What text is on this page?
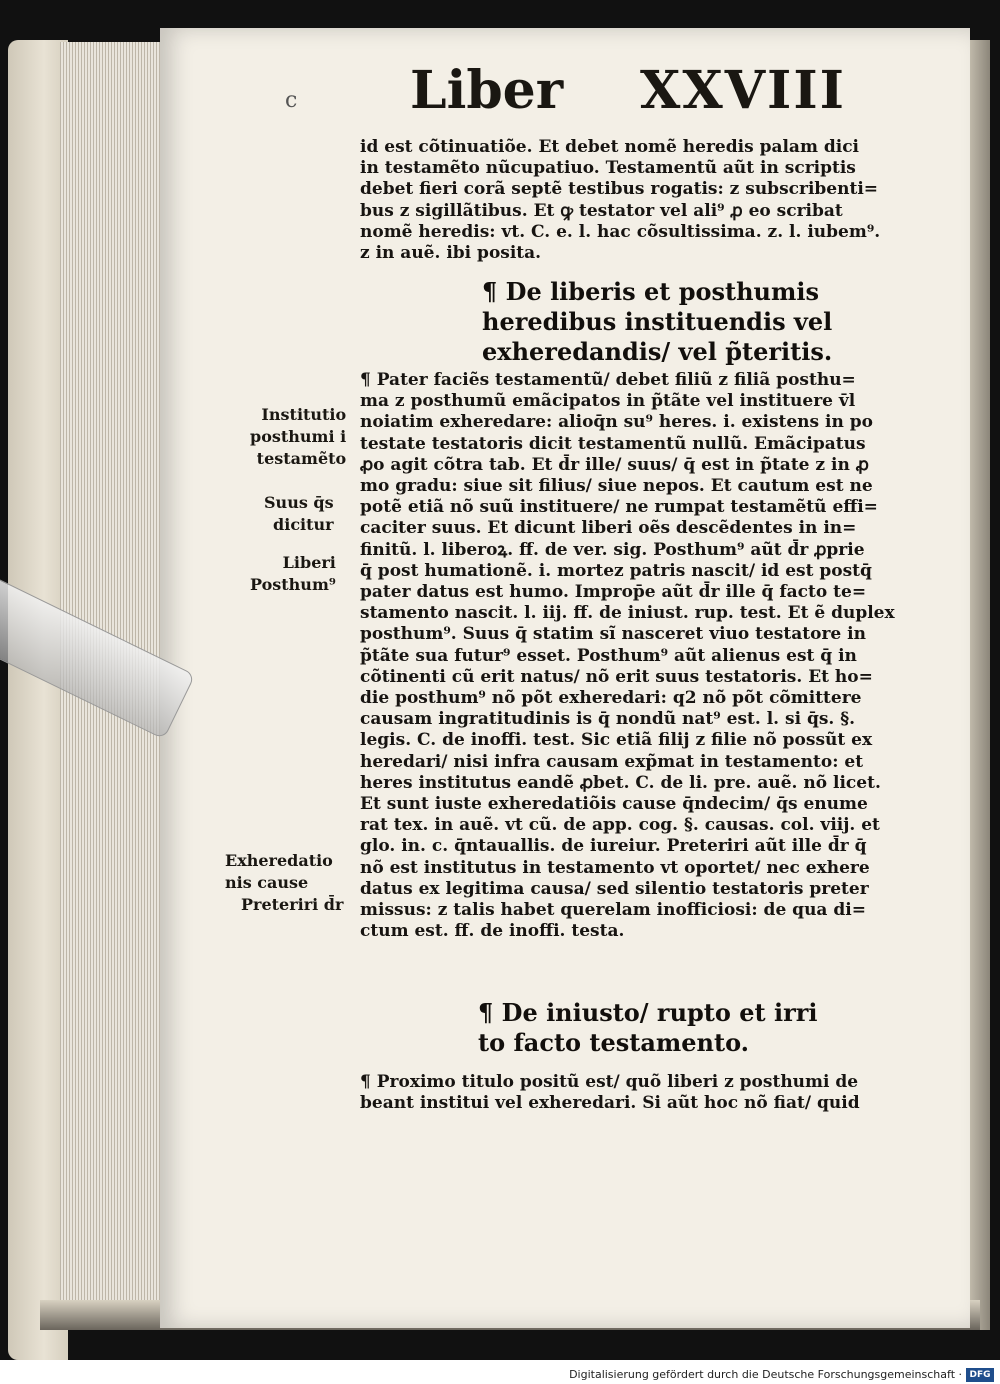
Liber XXVIII
c

id est cõtinuatiõe. Et debet nomẽ heredis palam dici

in testamẽto nũcupatiuo. Testamentũ aũt in scriptis

debet fieri corã septẽ testibus rogatis: z subscribenti=

bus z sigillãtibus. Et ꝙ testator vel ali⁹ ꝓ eo scribat

nomẽ heredis: vt. C. e. l. hac cõsultissima. z. l. iubem⁹.

z in auẽ. ibi posita.

¶ De liberis et posthumis

heredibus instituendis vel

exheredandis/ vel p̃teritis.

¶ Pater faciẽs testamentũ/ debet filiũ z filiã posthu=

ma z posthumũ emãcipatos in p̃tãte vel instituere v̄l

noiatim exheredare: alioq̄n su⁹ heres. i. existens in po

testate testatoris dicit testamentũ nullũ. Emãcipatus

ꝓo agit cõtra tab. Et d̄r ille/ suus/ q̄ est in p̃tate z in ꝓ

mo gradu: siue sit filius/ siue nepos. Et cautum est ne

potẽ etiã nõ suũ instituere/ ne rumpat testamẽtũ effi=

caciter suus. Et dicunt liberi oẽs descẽdentes in in=

finitũ. l. liberoꝝ. ff. de ver. sig. Posthum⁹ aũt d̄r ꝓprie

q̄ post humationẽ. i. mortez patris nascit/ id est postq̄

pater datus est humo. Improp̄e aũt d̄r ille q̄ facto te=

stamento nascit. l. iij. ff. de iniust. rup. test. Et ẽ duplex

posthum⁹. Suus q̄ statim sĩ nasceret viuo testatore in

p̃tãte sua futur⁹ esset. Posthum⁹ aũt alienus est q̄ in

cõtinenti cũ erit natus/ nõ erit suus testatoris. Et ho=

die posthum⁹ nõ põt exheredari: q2 nõ põt cõmittere

causam ingratitudinis is q̄ nondũ nat⁹ est. l. si q̄s. §.

legis. C. de inoffi. test. Sic etiã filij z filie nõ possũt ex

heredari/ nisi infra causam exp̃mat in testamento: et

heres institutus eandẽ ꝓbet. C. de li. pre. auẽ. nõ licet.

Et sunt iuste exheredatiõis cause q̄ndecim/ q̄s enume

rat tex. in auẽ. vt cũ. de app. cog. §. causas. col. viij. et

glo. in. c. q̄ntauallis. de iureiur. Preteriri aũt ille d̄r q̄

nõ est institutus in testamento vt oportet/ nec exhere

datus ex legitima causa/ sed silentio testatoris preter

missus: z talis habet querelam inofficiosi: de qua di=

ctum est. ff. de inoffi. testa.

¶ De iniusto/ rupto et irri

to facto testamento.

¶ Proximo titulo positũ est/ quõ liberi z posthumi de

beant institui vel exheredari. Si aũt hoc nõ fiat/ quid

Institutio

posthumi i

testamẽto

Suus q̄s

dicitur

Liberi

Posthum⁹

Exheredatio

nis cause

Preteriri d̄r

Digitalisierung gefördert durch die Deutsche Forschungsgemeinschaft · DFG
